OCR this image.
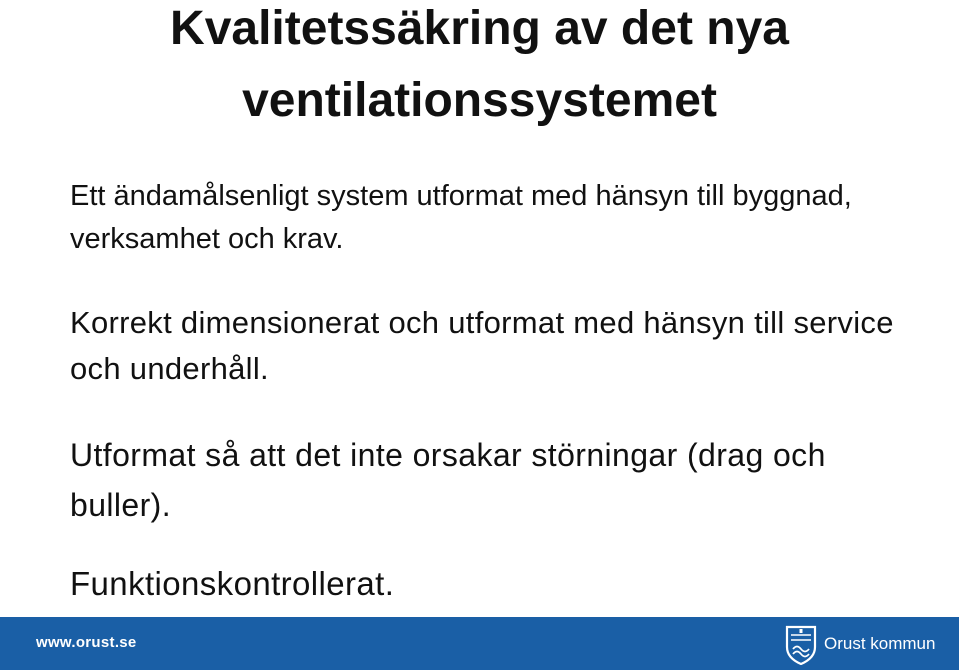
Kvalitetssäkring av det nya
ventilationssystemet

Ett ändamålsenligt system utformat med hänsyn till byggnad, verksamhet och krav.

Korrekt dimensionerat och utformat med hänsyn till service och underhåll.

Utformat så att det inte orsakar störningar (drag och buller).

Funktionskontrollerat.

www.orust.se	Orust kommun
